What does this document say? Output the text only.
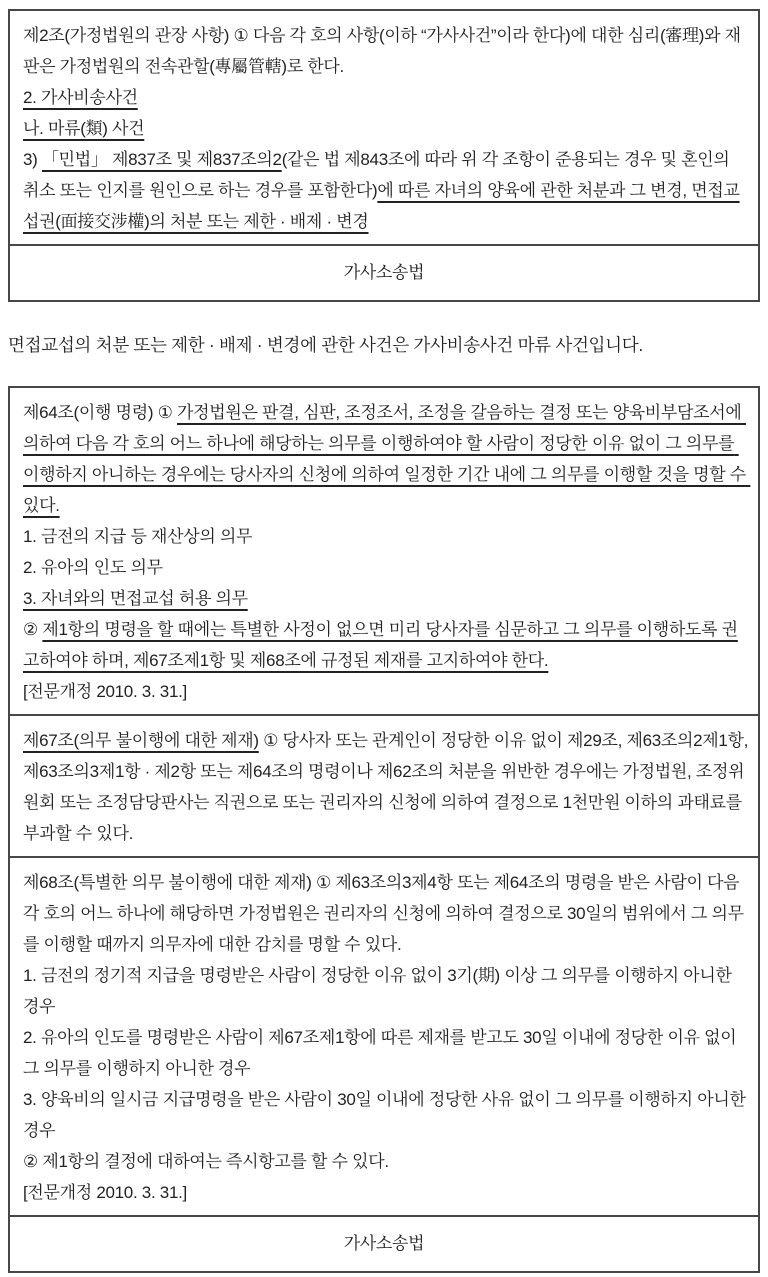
제2조(가정법원의 관장 사항) ① 다음 각 호의 사항(이하 “가사사건”이라 한다)에 대한 심리(審理)와 재판은 가정법원의 전속관할(專屬管轄)로 한다.
2. 가사비송사건
나. 마류(類) 사건
3) 「민법」 제837조 및 제837조의2(같은 법 제843조에 따라 위 각 조항이 준용되는 경우 및 혼인의 취소 또는 인지를 원인으로 하는 경우를 포함한다)에 따른 자녀의 양육에 관한 처분과 그 변경, 면접교섭권(面接交涉權)의 처분 또는 제한 · 배제 · 변경
가사소송법

면접교섭의 처분 또는 제한 · 배제 · 변경에 관한 사건은 가사비송사건 마류 사건입니다.

제64조(이행 명령) ① 가정법원은 판결, 심판, 조정조서, 조정을 갈음하는 결정 또는 양육비부담조서에 의하여 다음 각 호의 어느 하나에 해당하는 의무를 이행하여야 할 사람이 정당한 이유 없이 그 의무를 이행하지 아니하는 경우에는 당사자의 신청에 의하여 일정한 기간 내에 그 의무를 이행할 것을 명할 수 있다.
1. 금전의 지급 등 재산상의 의무
2. 유아의 인도 의무
3. 자녀와의 면접교섭 허용 의무
② 제1항의 명령을 할 때에는 특별한 사정이 없으면 미리 당사자를 심문하고 그 의무를 이행하도록 권고하여야 하며, 제67조제1항 및 제68조에 규정된 제재를 고지하여야 한다.
[전문개정 2010. 3. 31.]
제67조(의무 불이행에 대한 제재) ① 당사자 또는 관계인이 정당한 이유 없이 제29조, 제63조의2제1항, 제63조의3제1항 · 제2항 또는 제64조의 명령이나 제62조의 처분을 위반한 경우에는 가정법원, 조정위원회 또는 조정담당판사는 직권으로 또는 권리자의 신청에 의하여 결정으로 1천만원 이하의 과태료를 부과할 수 있다.
제68조(특별한 의무 불이행에 대한 제재) ① 제63조의3제4항 또는 제64조의 명령을 받은 사람이 다음 각 호의 어느 하나에 해당하면 가정법원은 권리자의 신청에 의하여 결정으로 30일의 범위에서 그 의무를 이행할 때까지 의무자에 대한 감치를 명할 수 있다.
1. 금전의 정기적 지급을 명령받은 사람이 정당한 이유 없이 3기(期) 이상 그 의무를 이행하지 아니한 경우
2. 유아의 인도를 명령받은 사람이 제67조제1항에 따른 제재를 받고도 30일 이내에 정당한 이유 없이 그 의무를 이행하지 아니한 경우
3. 양육비의 일시금 지급명령을 받은 사람이 30일 이내에 정당한 사유 없이 그 의무를 이행하지 아니한 경우
② 제1항의 결정에 대하여는 즉시항고를 할 수 있다.
[전문개정 2010. 3. 31.]
가사소송법
